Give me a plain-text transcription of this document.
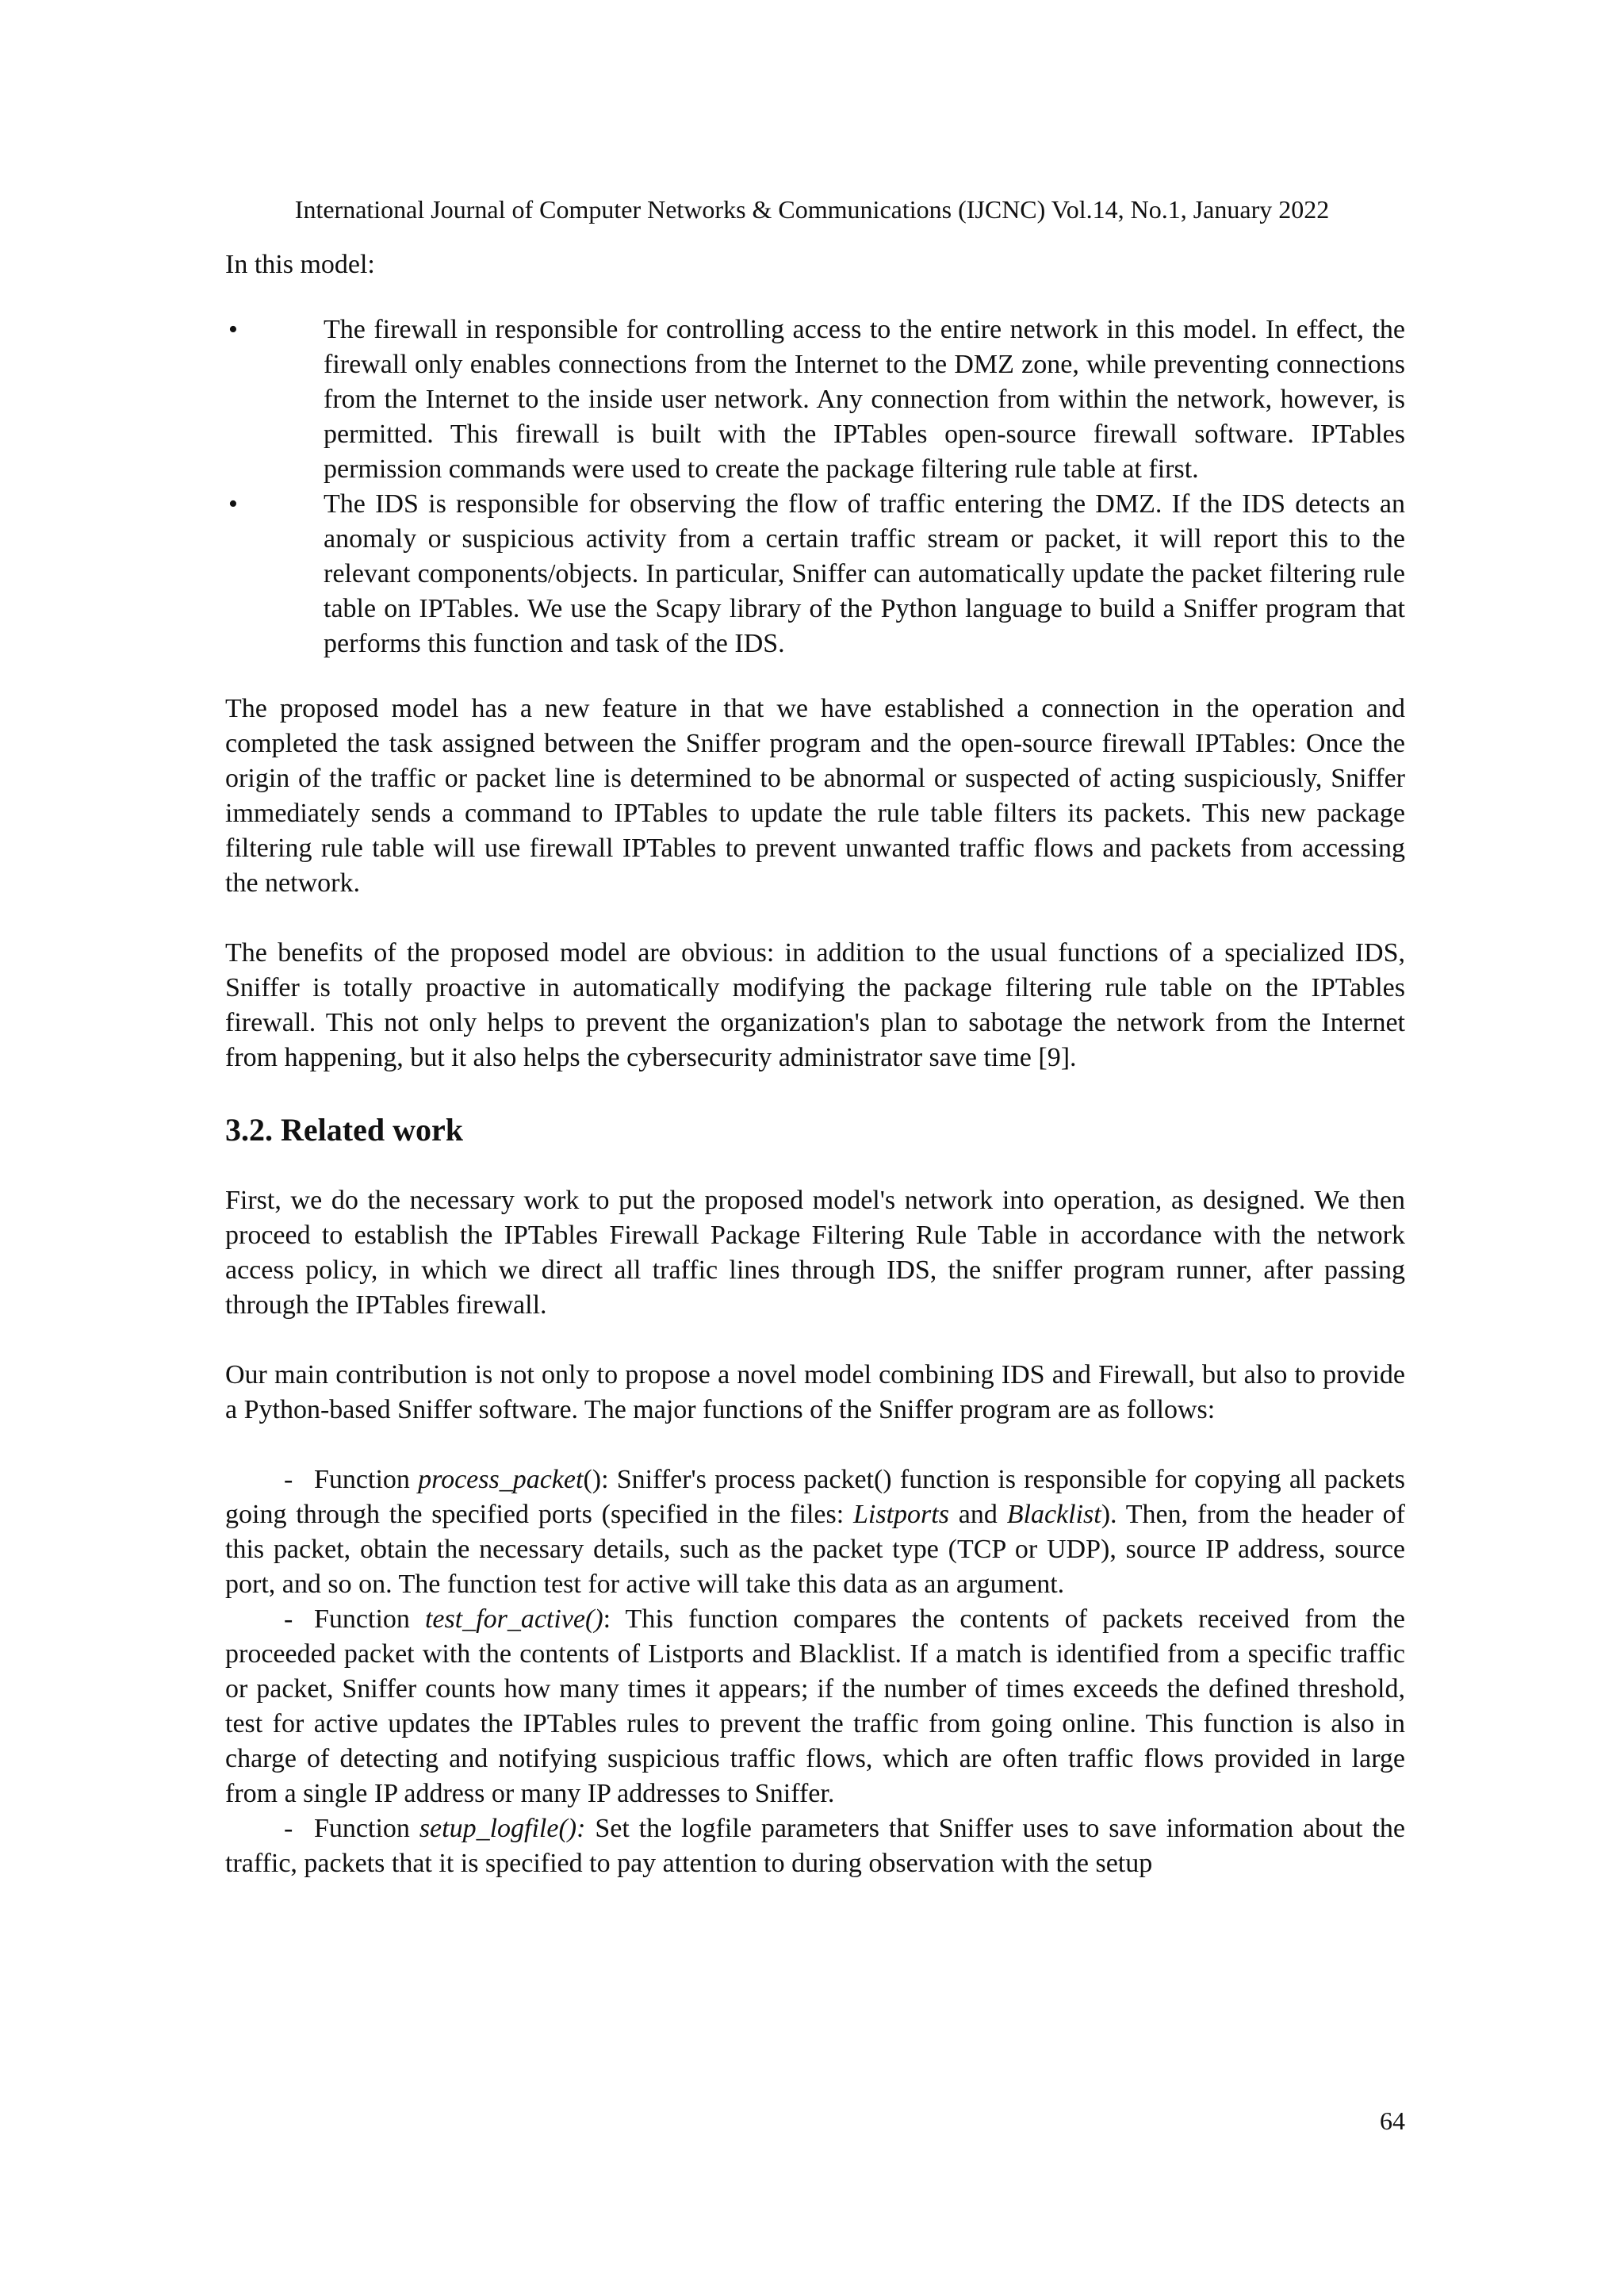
International Journal of Computer Networks & Communications (IJCNC) Vol.14, No.1, January 2022

In this model:

•	The firewall in responsible for controlling access to the entire network in this model. In effect, the firewall only enables connections from the Internet to the DMZ zone, while preventing connections from the Internet to the inside user network. Any connection from within the network, however, is permitted. This firewall is built with the IPTables open-source firewall software. IPTables permission commands were used to create the package filtering rule table at first.
•	The IDS is responsible for observing the flow of traffic entering the DMZ. If the IDS detects an anomaly or suspicious activity from a certain traffic stream or packet, it will report this to the relevant components/objects. In particular, Sniffer can automatically update the packet filtering rule table on IPTables. We use the Scapy library of the Python language to build a Sniffer program that performs this function and task of the IDS.

The proposed model has a new feature in that we have established a connection in the operation and completed the task assigned between the Sniffer program and the open-source firewall IPTables: Once the origin of the traffic or packet line is determined to be abnormal or suspected of acting suspiciously, Sniffer immediately sends a command to IPTables to update the rule table filters its packets. This new package filtering rule table will use firewall IPTables to prevent unwanted traffic flows and packets from accessing the network.

The benefits of the proposed model are obvious: in addition to the usual functions of a specialized IDS, Sniffer is totally proactive in automatically modifying the package filtering rule table on the IPTables firewall. This not only helps to prevent the organization's plan to sabotage the network from the Internet from happening, but it also helps the cybersecurity administrator save time [9].

3.2. Related work

First, we do the necessary work to put the proposed model's network into operation, as designed. We then proceed to establish the IPTables Firewall Package Filtering Rule Table in accordance with the network access policy, in which we direct all traffic lines through IDS, the sniffer program runner, after passing through the IPTables firewall.

Our main contribution is not only to propose a novel model combining IDS and Firewall, but also to provide a Python-based Sniffer software. The major functions of the Sniffer program are as follows:

- Function process_packet(): Sniffer's process packet() function is responsible for copying all packets going through the specified ports (specified in the files: Listports and Blacklist). Then, from the header of this packet, obtain the necessary details, such as the packet type (TCP or UDP), source IP address, source port, and so on. The function test for active will take this data as an argument.

- Function test_for_active(): This function compares the contents of packets received from the proceeded packet with the contents of Listports and Blacklist. If a match is identified from a specific traffic or packet, Sniffer counts how many times it appears; if the number of times exceeds the defined threshold, test for active updates the IPTables rules to prevent the traffic from going online. This function is also in charge of detecting and notifying suspicious traffic flows, which are often traffic flows provided in large from a single IP address or many IP addresses to Sniffer.

- Function setup_logfile(): Set the logfile parameters that Sniffer uses to save information about the traffic, packets that it is specified to pay attention to during observation with the setup

64
